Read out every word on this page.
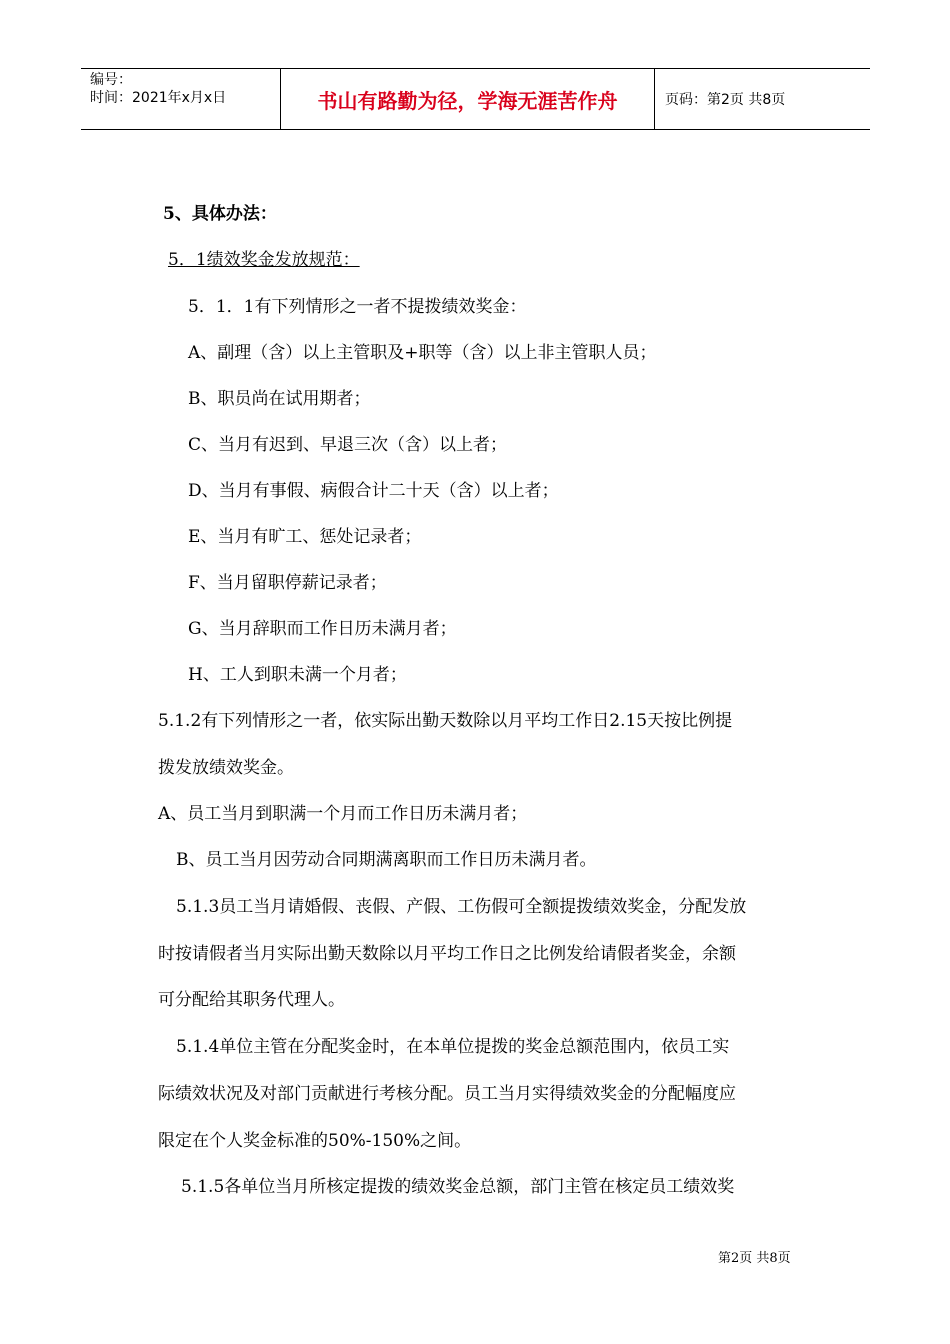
编号：
时间：2021年x月x日	书山有路勤为径，学海无涯苦作舟	页码：第2页 共8页
5、具体办法：
5．1绩效奖金发放规范：
5．1．1有下列情形之一者不提拨绩效奖金：
A、副理（含）以上主管职及+职等（含）以上非主管职人员；
B、职员尚在试用期者；
C、当月有迟到、早退三次（含）以上者；
D、当月有事假、病假合计二十天（含）以上者；
E、当月有旷工、惩处记录者；
F、当月留职停薪记录者；
G、当月辞职而工作日历未满月者；
H、工人到职未满一个月者；
5.1.2有下列情形之一者，依实际出勤天数除以月平均工作日2.15天按比例提
拨发放绩效奖金。
A、员工当月到职满一个月而工作日历未满月者；
B、员工当月因劳动合同期满离职而工作日历未满月者。
5.1.3员工当月请婚假、丧假、产假、工伤假可全额提拨绩效奖金，分配发放
时按请假者当月实际出勤天数除以月平均工作日之比例发给请假者奖金，余额
可分配给其职务代理人。
5.1.4单位主管在分配奖金时，在本单位提拨的奖金总额范围内，依员工实
际绩效状况及对部门贡献进行考核分配。员工当月实得绩效奖金的分配幅度应
限定在个人奖金标准的50%-150%之间。
5.1.5各单位当月所核定提拨的绩效奖金总额，部门主管在核定员工绩效奖
第2页 共8页
